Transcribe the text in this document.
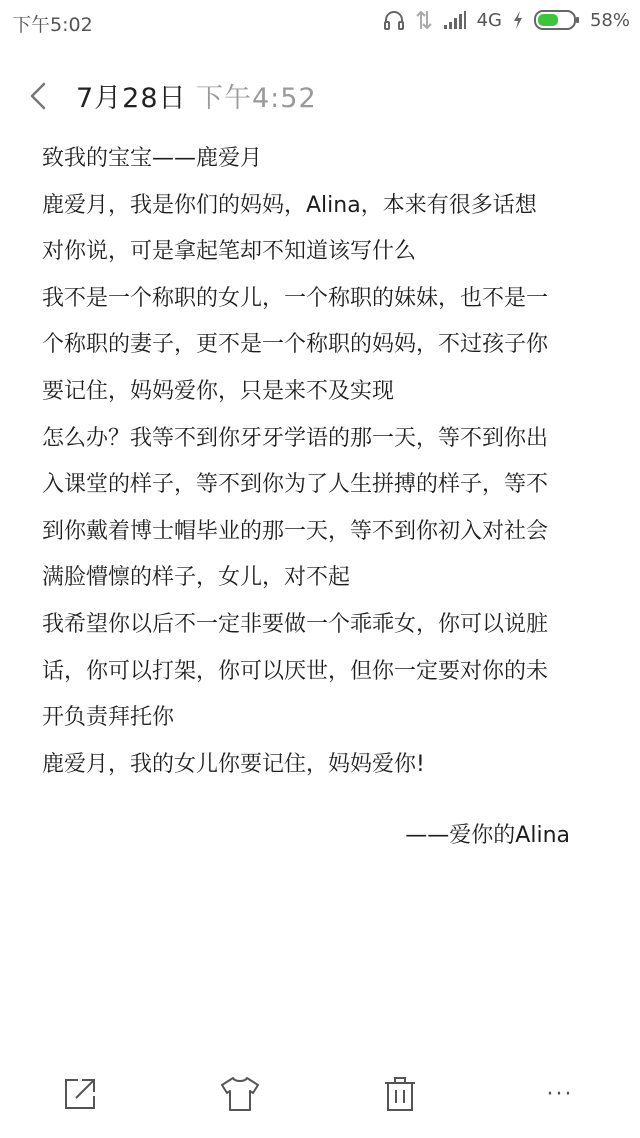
下午5:02	4G	58%
7月28日 下午4:52
致我的宝宝——鹿爱月
鹿爱月，我是你们的妈妈，Alina，本来有很多话想
对你说，可是拿起笔却不知道该写什么
我不是一个称职的女儿，一个称职的妹妹，也不是一
个称职的妻子，更不是一个称职的妈妈，不过孩子你
要记住，妈妈爱你，只是来不及实现
怎么办？我等不到你牙牙学语的那一天，等不到你出
入课堂的样子，等不到你为了人生拼搏的样子，等不
到你戴着博士帽毕业的那一天，等不到你初入对社会
满脸懵懔的样子，女儿，对不起
我希望你以后不一定非要做一个乖乖女，你可以说脏
话，你可以打架，你可以厌世，但你一定要对你的未
开负责拜托你
鹿爱月，我的女儿你要记住，妈妈爱你!
——爱你的Alina
···
